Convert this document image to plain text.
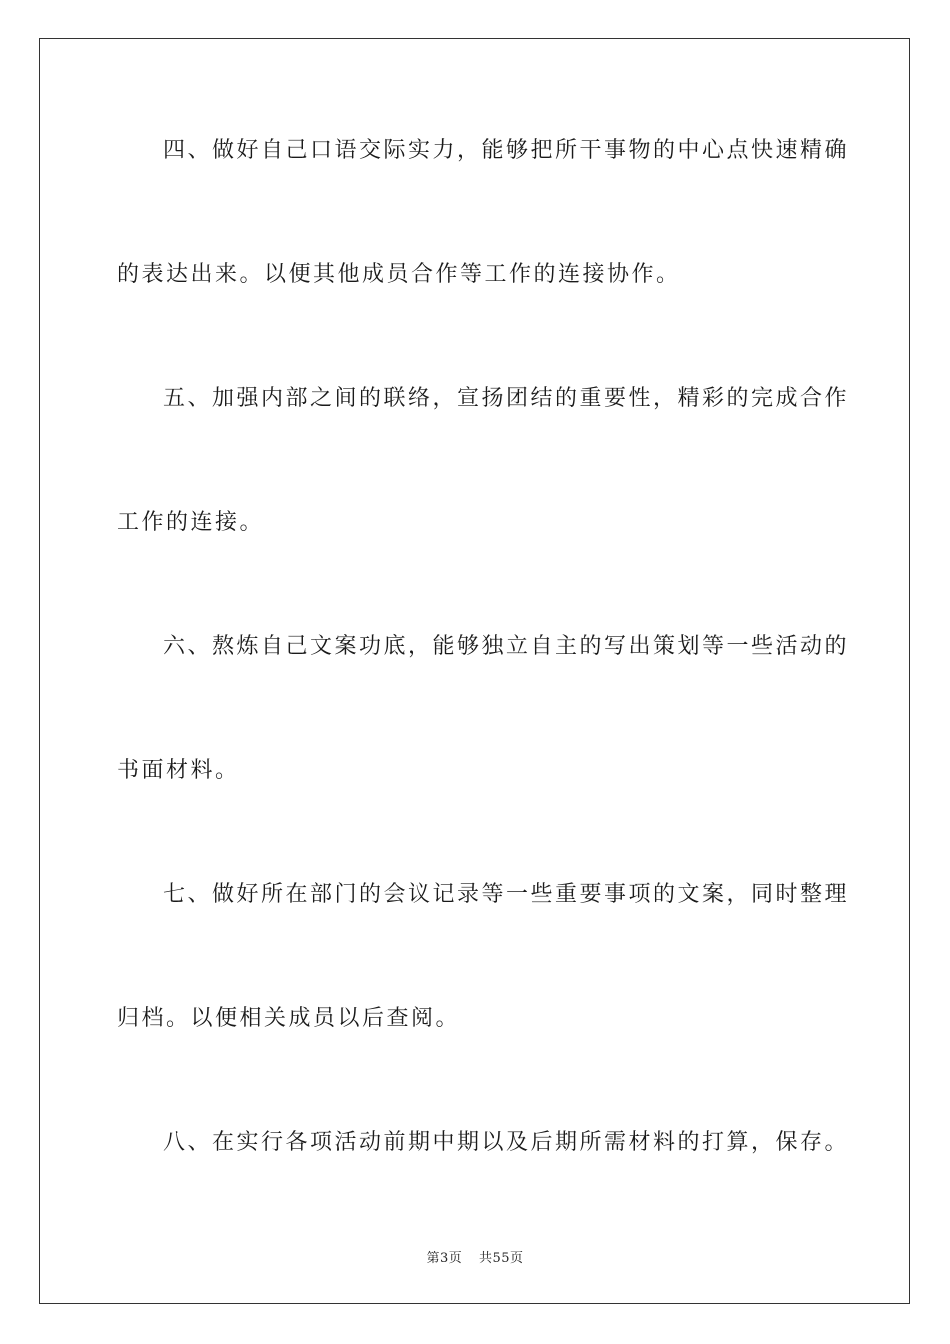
四、做好自己口语交际实力，能够把所干事物的中心点快速精确
的表达出来。以便其他成员合作等工作的连接协作。
五、加强内部之间的联络，宣扬团结的重要性，精彩的完成合作
工作的连接。
六、熬炼自己文案功底，能够独立自主的写出策划等一些活动的
书面材料。
七、做好所在部门的会议记录等一些重要事项的文案，同时整理
归档。以便相关成员以后查阅。
八、在实行各项活动前期中期以及后期所需材料的打算，保存。
第3页 共55页
